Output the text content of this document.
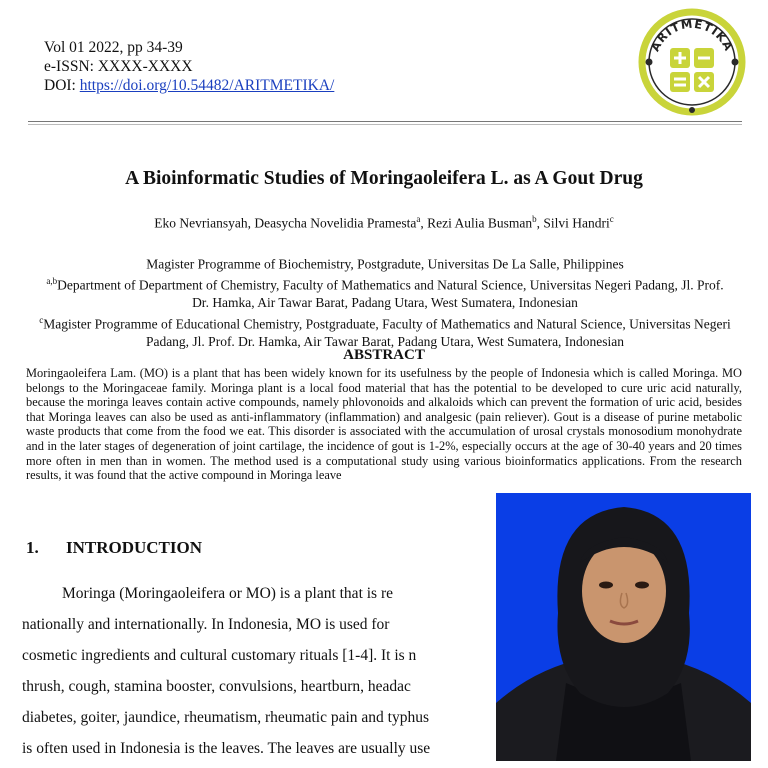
Vol 01 2022, pp 34-39
e-ISSN: XXXX-XXXX
DOI: https://doi.org/10.54482/ARITMETIKA/
ARITMETIKA
A Bioinformatic Studies of Moringaoleifera L. as A Gout Drug
Eko Nevriansyah, Deasycha Novelidia Pramesta$^a$, Rezi Aulia Busman$^b$, Silvi Handri$^c$
Magister Programme of Biochemistry, Postgradute, Universitas De La Salle, Philippines
$^{a,b}$Department of Department of Chemistry, Faculty of Mathematics and Natural Science, Universitas Negeri Padang, Jl. Prof. Dr. Hamka, Air Tawar Barat, Padang Utara, West Sumatera, Indonesian
$^c$Magister Programme of Educational Chemistry, Postgraduate, Faculty of Mathematics and Natural Science, Universitas Negeri Padang, Jl. Prof. Dr. Hamka, Air Tawar Barat, Padang Utara, West Sumatera, Indonesian
ABSTRACT
Moringaoleifera Lam. (MO) is a plant that has been widely known for its usefulness by the people of Indonesia which is called Moringa. MO belongs to the Moringaceae family. Moringa plant is a local food material that has the potential to be developed to cure uric acid naturally, because the moringa leaves contain active compounds, namely phlovonoids and alkaloids which can prevent the formation of uric acid, besides that Moringa leaves can also be used as anti-inflammatory (inflammation) and analgesic (pain reliever). Gout is a disease of purine metabolic waste products that come from the food we eat. This disorder is associated with the accumulation of urosal crystals monosodium monohydrate and in the later stages of degeneration of joint cartilage, the incidence of gout is 1-2%, especially occurs at the age of 30-40 years and 20 times more often in men than in women. The method used is a computational study using various bioinformatics applications. From the research results, it was found that the active compound in Moringa leave
1. INTRODUCTION

Moringa (Moringaoleifera or MO) is a plant that is re

nationally and internationally. In Indonesia, MO is used for

cosmetic ingredients and cultural customary rituals [1-4]. It is n

thrush, cough, stamina booster, convulsions, heartburn, headac

diabetes, goiter, jaundice, rheumatism, rheumatic pain and typhus

is often used in Indonesia is the leaves. The leaves are usually use
